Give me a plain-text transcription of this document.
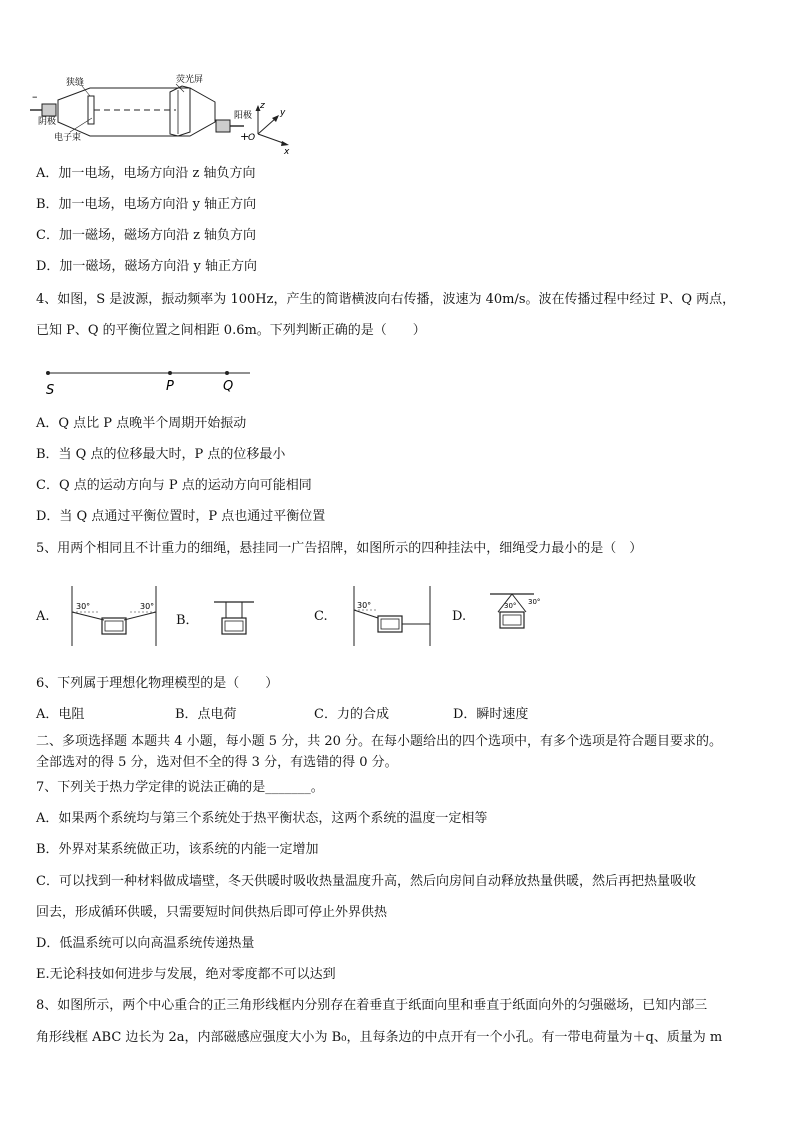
–
狭缝	荧光屏
阴极
电子束
阳极
+
z
y
x
O
A．加一电场，电场方向沿 z 轴负方向
B．加一电场，电场方向沿 y 轴正方向
C．加一磁场，磁场方向沿 z 轴负方向
D．加一磁场，磁场方向沿 y 轴正方向
4、如图，S 是波源，振动频率为 100Hz，产生的简谐横波向右传播，波速为 40m/s。波在传播过程中经过 P、Q 两点，
已知 P、Q 的平衡位置之间相距 0.6m。下列判断正确的是（　　）
S	P	Q
A．Q 点比 P 点晚半个周期开始振动
B．当 Q 点的位移最大时，P 点的位移最小
C．Q 点的运动方向与 P 点的运动方向可能相同
D．当 Q 点通过平衡位置时，P 点也通过平衡位置
5、用两个相同且不计重力的细绳，悬挂同一广告招牌，如图所示的四种挂法中，细绳受力最小的是（　）
A.
30°	30°
B．	C.
30°
D.
30° 30°
6、下列属于理想化物理模型的是（　　）
A．电阻	B．点电荷	C．力的合成	D．瞬时速度
二、多项选择题 本题共 4 小题，每小题 5 分，共 20 分。在每小题给出的四个选项中，有多个选项是符合题目要求的。
全部选对的得 5 分，选对但不全的得 3 分，有选错的得 0 分。
7、下列关于热力学定律的说法正确的是_______。
A．如果两个系统均与第三个系统处于热平衡状态，这两个系统的温度一定相等
B．外界对某系统做正功，该系统的内能一定增加
C．可以找到一种材料做成墙壁，冬天供暖时吸收热量温度升高，然后向房间自动释放热量供暖，然后再把热量吸收
回去，形成循环供暖，只需要短时间供热后即可停止外界供热
D．低温系统可以向高温系统传递热量
E.无论科技如何进步与发展，绝对零度都不可以达到
8、如图所示，两个中心重合的正三角形线框内分别存在着垂直于纸面向里和垂直于纸面向外的匀强磁场，已知内部三
角形线框 ABC 边长为 2a，内部磁感应强度大小为 B₀，且每条边的中点开有一个小孔。有一带电荷量为＋q、质量为 m
